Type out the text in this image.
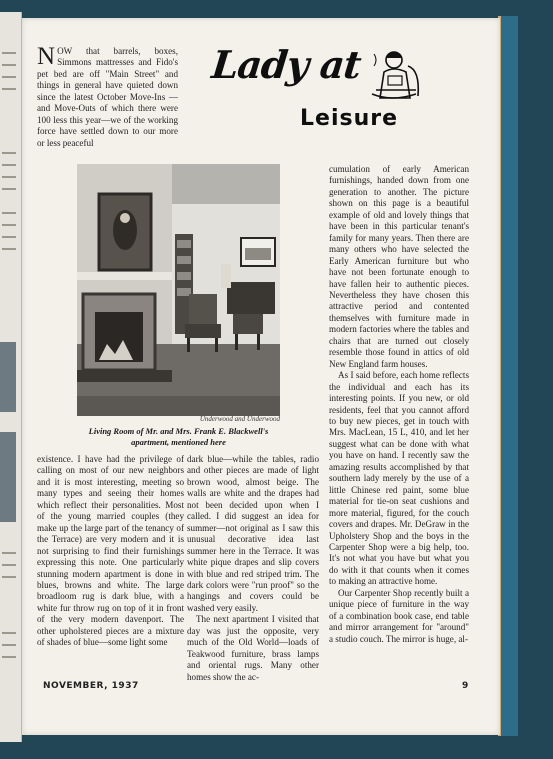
N OW that barrels, boxes, Simmons mattresses and Fido's pet bed are off "Main Street" and things in general have quieted down since the latest October Move-Ins — and Move-Outs of which there were 100 less this year—we of the working force have settled down to our more or less peaceful
Lady at
Leisure
Underwood and Underwood
Living Room of Mr. and Mrs. Frank E. Blackwell's apartment, mentioned here

existence. I have had the privilege of calling on most of our new neighbors and it is most interesting, meeting so many types and seeing their homes which reflect their personalities. Most of the young married couples (they make up the large part of the tenancy of the Terrace) are very modern and it is not surprising to find their furnishings expressing this note. One particularly stunning modern apartment is done in blues, browns and white. The large broadloom rug is dark blue, with a white fur throw rug on top of it in front of the very modern davenport. The other upholstered pieces are a mixture of shades of blue—some light some

dark blue—while the tables, radio and other pieces are made of light brown wood, almost beige. The walls are white and the drapes had not been decided upon when I called. I did suggest an idea for summer—not original as I saw this unusual decorative idea last summer here in the Terrace. It was white pique drapes and slip covers with blue and red striped trim. The dark colors were "run proof" so the hangings and covers could be washed very easily.

The next apartment I visited that day was just the opposite, very much of the Old World—loads of Teakwood furniture, brass lamps and oriental rugs. Many other homes show the ac-

cumulation of early American furnishings, handed down from one generation to another. The picture shown on this page is a beautiful example of old and lovely things that have been in this particular tenant's family for many years. Then there are many others who have selected the Early American furniture but who have not been fortunate enough to have fallen heir to authentic pieces. Nevertheless they have chosen this attractive period and contented themselves with furniture made in modern factories where the tables and chairs that are turned out closely resemble those found in attics of old New England farm houses.

As I said before, each home reflects the individual and each has its interesting points. If you new, or old residents, feel that you cannot afford to buy new pieces, get in touch with Mrs. MacLean, 15 L, 410, and let her suggest what can be done with what you have on hand. I recently saw the amazing results accomplished by that southern lady merely by the use of a little Chinese red paint, some blue material for tie-on seat cushions and more material, figured, for the couch covers and drapes. Mr. DeGraw in the Upholstery Shop and the boys in the Carpenter Shop were a big help, too. It's not what you have but what you do with it that counts when it comes to making an attractive home.

Our Carpenter Shop recently built a unique piece of furniture in the way of a combination book case, end table and mirror arrangement for "around" a studio couch. The mirror is huge, al-

NOVEMBER, 1937	9
